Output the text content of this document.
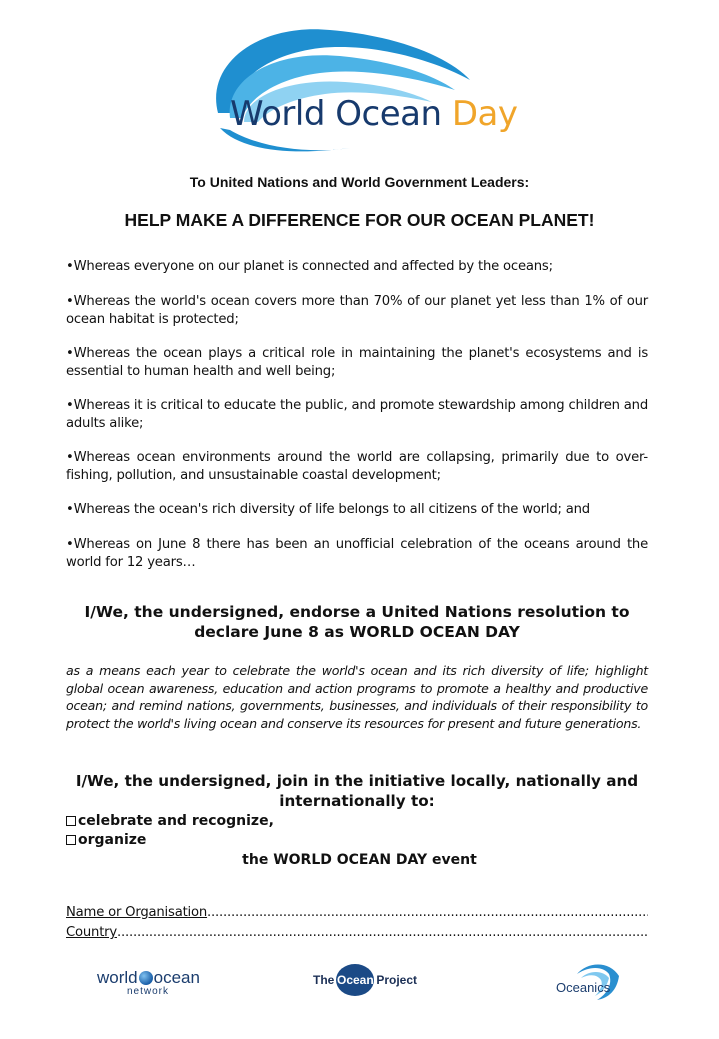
World Ocean Day
To United Nations and World Government Leaders:
HELP MAKE A DIFFERENCE FOR OUR OCEAN PLANET!
•Whereas everyone on our planet is connected and affected by the oceans;
•Whereas the world's ocean covers more than 70% of our planet yet less than 1% of our ocean habitat is protected;
•Whereas the ocean plays a critical role in maintaining the planet's ecosystems and is essential to human health and well being;
•Whereas it is critical to educate the public, and promote stewardship among children and adults alike;
•Whereas ocean environments around the world are collapsing, primarily due to over-fishing, pollution, and unsustainable coastal development;
•Whereas the ocean's rich diversity of life belongs to all citizens of the world; and
•Whereas on June 8 there has been an unofficial celebration of the oceans around the world for 12 years…
I/We, the undersigned, endorse a United Nations resolution to declare June 8 as WORLD OCEAN DAY
as a means each year to celebrate the world's ocean and its rich diversity of life; highlight global ocean awareness, education and action programs to promote a healthy and productive ocean; and remind nations, governments, businesses, and individuals of their responsibility to protect the world's living ocean and conserve its resources for present and future generations.
I/We, the undersigned, join in the initiative locally, nationally and internationally to:
celebrate and recognize,
organize
the WORLD OCEAN DAY event
Name or Organisation
.....
Country
.....
world ocean
network
The Ocean Project	Oceanics
